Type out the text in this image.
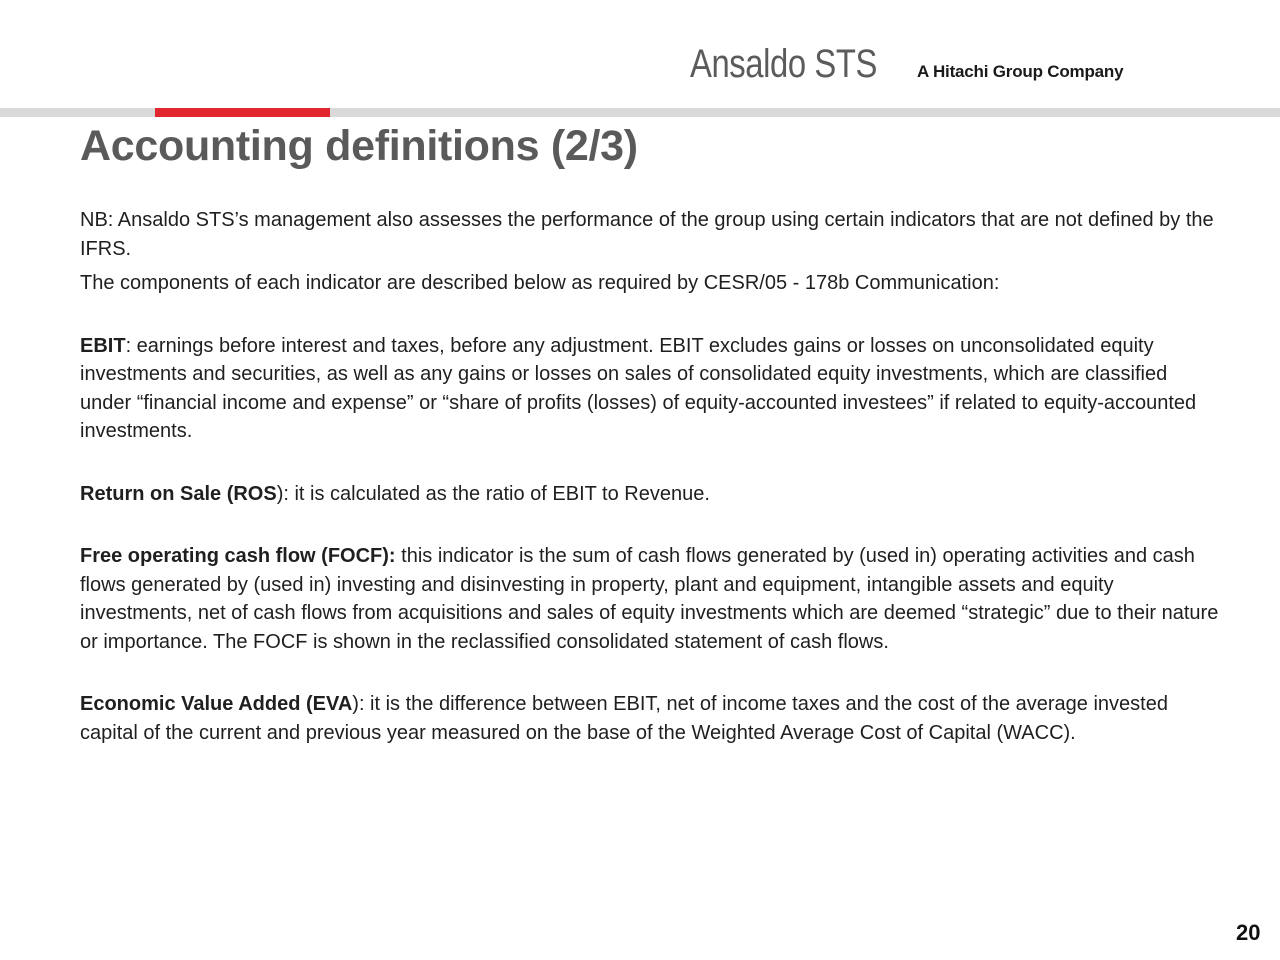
Ansaldo STS A Hitachi Group Company
Accounting definitions (2/3)

NB: Ansaldo STS’s management also assesses the performance of the group using certain indicators that are not defined by the IFRS.

The components of each indicator are described below as required by CESR/05 - 178b Communication:

EBIT: earnings before interest and taxes, before any adjustment. EBIT excludes gains or losses on unconsolidated equity investments and securities, as well as any gains or losses on sales of consolidated equity investments, which are classified under “financial income and expense” or “share of profits (losses) of equity-accounted investees” if related to equity-accounted investments.

Return on Sale (ROS): it is calculated as the ratio of EBIT to Revenue.

Free operating cash flow (FOCF): this indicator is the sum of cash flows generated by (used in) operating activities and cash flows generated by (used in) investing and disinvesting in property, plant and equipment, intangible assets and equity investments, net of cash flows from acquisitions and sales of equity investments which are deemed “strategic” due to their nature or importance. The FOCF is shown in the reclassified consolidated statement of cash flows.

Economic Value Added (EVA): it is the difference between EBIT, net of income taxes and the cost of the average invested capital of the current and previous year measured on the base of the Weighted Average Cost of Capital (WACC).

20
